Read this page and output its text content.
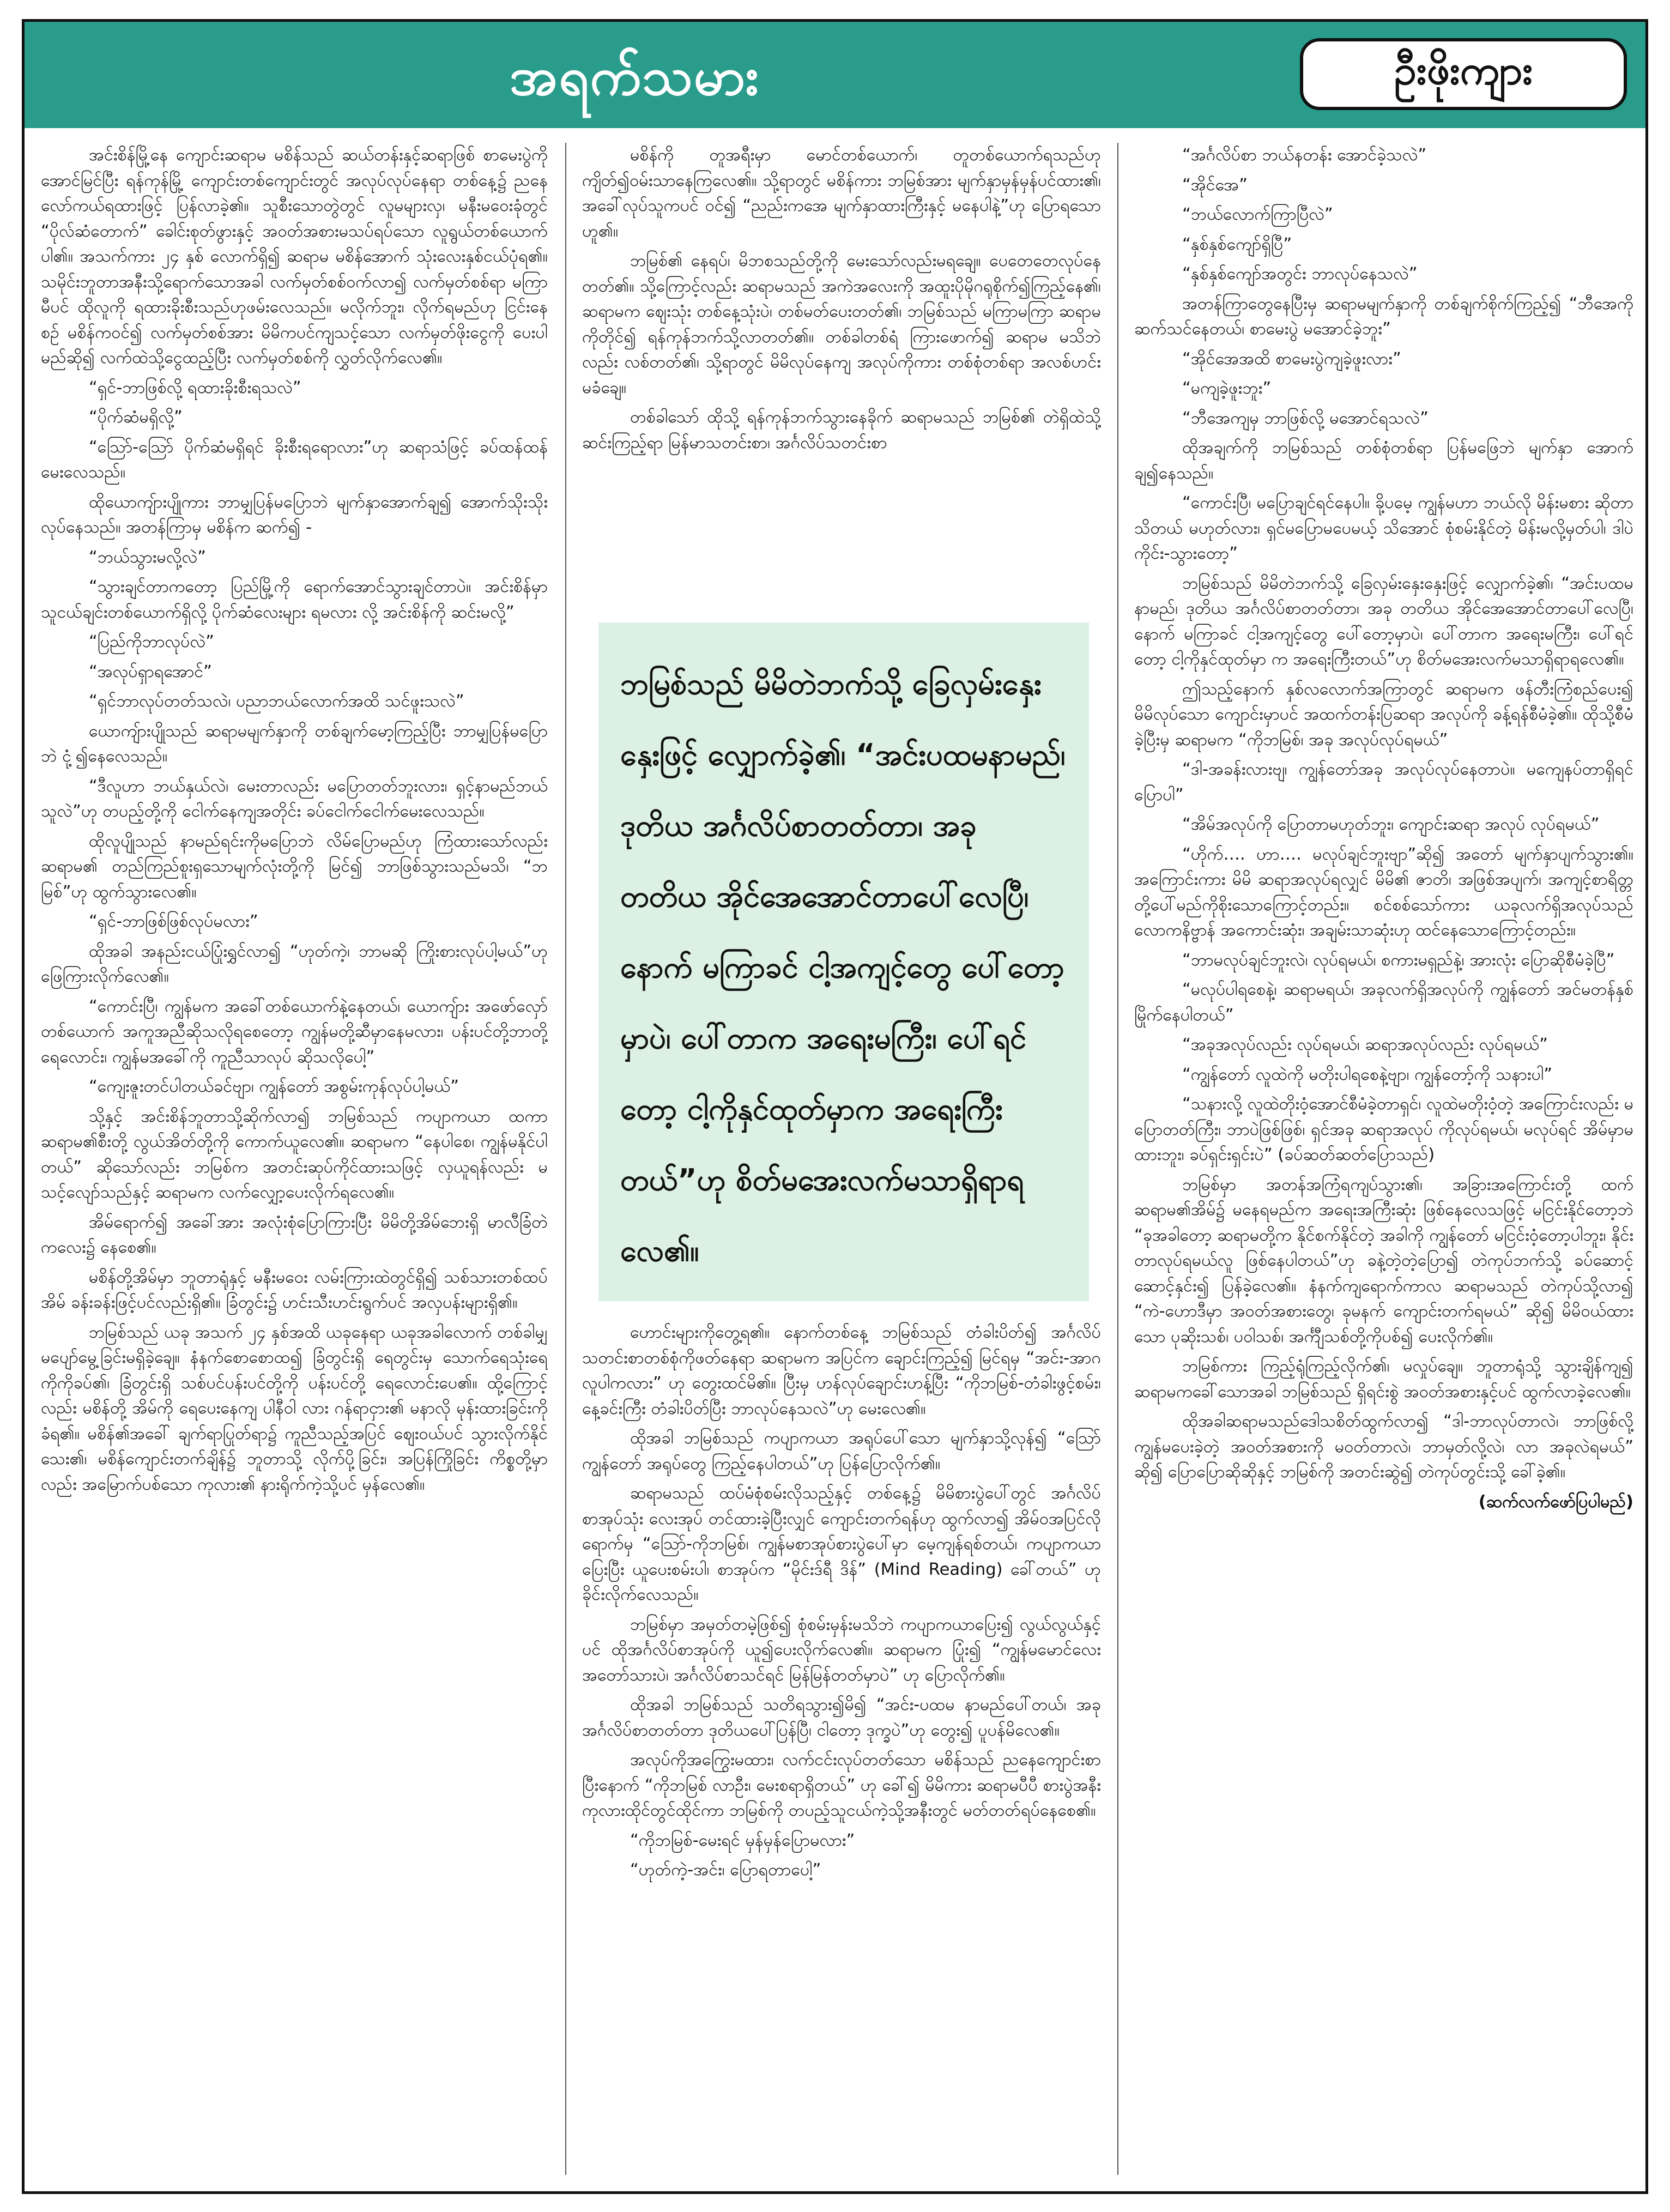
အရက်သမား	ဦးဖိုးကျား

အင်းစိန်မြို့နေ ကျောင်းဆရာမ မစိန်သည် ဆယ်တန်းနှင့်ဆရာဖြစ် စာမေးပွဲကိုအောင်မြင်ပြီး ရန်ကုန်မြို့ ကျောင်းတစ်ကျောင်းတွင် အလုပ်လုပ်နေရာ တစ်နေ့၌ ညနေလော်ကယ်ရထားဖြင့် ပြန်လာခဲ့၏။ သူစီးသောတွဲတွင် လူမများလှ၊ မနီးမဝေးခုံတွင် “ပိုလ်ဆံတောက်” ခေါင်းစုတ်ဖွားနှင့် အဝတ်အစားမသပ်ရပ်သော လူရွယ်တစ်ယောက်ပါ၏။ အသက်ကား ၂၄ နှစ် လောက်ရှိ၍ ဆရာမ မစိန်အောက် သုံးလေးနှစ်ငယ်ပုံရ၏။ သမိုင်းဘူတာအနီးသို့ရောက်သောအခါ လက်မှတ်စစ်ဝက်လာ၍ လက်မှတ်စစ်ရာ မကြာမီပင် ထိုလူကို ရထားခိုးစီးသည်ဟုဖမ်းလေသည်။ မလိုက်ဘူး၊ လိုက်ရမည်ဟု ငြင်းနေစဉ် မစိန်ကဝင်၍ လက်မှတ်စစ်အား မိမိကပင်ကျသင့်သော လက်မှတ်ဖိုးငွေကို ပေးပါမည်ဆို၍ လက်ထဲသို့ငွေထည့်ပြီး လက်မှတ်စစ်ကို လွှတ်လိုက်လေ၏။

“ရှင်-ဘာဖြစ်လို့ ရထားခိုးစီးရသလဲ”

“ပိုက်ဆံမရှိလို့”

“ဩော်-ဩော် ပိုက်ဆံမရှိရင် ခိုးစီးရရောလား”ဟု ဆရာသံဖြင့် ခပ်ထန်ထန်မေးလေသည်။

ထိုယောကျ်ားပျိုကား ဘာမျှပြန်မပြောဘဲ မျက်နှာအောက်ချ၍ အောက်သိုးသိုးလုပ်နေသည်။ အတန်ကြာမှ မစိန်က ဆက်၍ -

“ဘယ်သွားမလို့လဲ”

“သွားချင်တာကတော့ ပြည်မြို့ကို ရောက်အောင်သွားချင်တာပဲ။ အင်းစိန်မှာ သူငယ်ချင်းတစ်ယောက်ရှိလို့ ပိုက်ဆံလေးများ ရမလား လို့ အင်းစိန်ကို ဆင်းမလို့”

“ပြည်ကိုဘာလုပ်လဲ”

“အလုပ်ရှာရအောင်”

“ရှင်ဘာလုပ်တတ်သလဲ၊ ပညာဘယ်လောက်အထိ သင်ဖူးသလဲ”

ယောကျ်ားပျိုသည် ဆရာမမျက်နှာကို တစ်ချက်မော့ကြည့်ပြီး ဘာမျှပြန်မပြောဘဲ ငုံ့၍နေလေသည်။

“ဒီလူဟာ ဘယ်နှယ်လဲ၊ မေးတာလည်း မပြောတတ်ဘူးလား၊ ရှင့်နာမည်ဘယ်သူလဲ”ဟု တပည့်တို့ကို ငေါက်နေကျအတိုင်း ခပ်ငေါက်ငေါက်မေးလေသည်။

ထိုလူပျိုသည် နာမည်ရင်းကိုမပြောဘဲ လိမ်ပြောမည်ဟု ကြံထားသော်လည်း ဆရာမ၏ တည်ကြည်စူးရှသောမျက်လုံးတို့ကို မြင်၍ ဘာဖြစ်သွားသည်မသိ၊ “ဘမြစ်”ဟု ထွက်သွားလေ၏။

“ရှင်-ဘာဖြစ်ဖြစ်လုပ်မလား”

ထိုအခါ အနည်းငယ်ပြုံးရွှင်လာ၍ “ဟုတ်ကဲ့၊ ဘာမဆို ကြိုးစားလုပ်ပါ့မယ်”ဟု ဖြေကြားလိုက်လေ၏။

“ကောင်းပြီ၊ ကျွန်မက အခေါ်တစ်ယောက်နဲ့နေတယ်၊ ယောကျ်ား အဖော်လှော်တစ်ယောက် အကူအညီဆိုသလိုရစေတော့ ကျွန်မတို့ဆီမှာနေမလား၊ ပန်းပင်တို့ဘာတို့ရေလောင်း၊ ကျွန်မအခေါ်ကို ကူညီသာလုပ် ဆိုသလိုပေါ့”

“ကျေးဇူးတင်ပါတယ်ခင်ဗျာ၊ ကျွန်တော် အစွမ်းကုန်လုပ်ပါ့မယ်”

သို့နှင့် အင်းစိန်ဘူတာသို့ဆိုက်လာ၍ ဘမြစ်သည် ကပျာကယာ ထကာ ဆရာမ၏စီးတို့ လွယ်အိတ်တို့ကို ကောက်ယူလေ၏။ ဆရာမက “နေပါစေ၊ ကျွန်မနိုင်ပါတယ်” ဆိုသော်လည်း ဘမြစ်က အတင်းဆုပ်ကိုင်ထားသဖြင့် လှယူရန်လည်း မသင့်လျော်သည်နှင့် ဆရာမက လက်လျှော့ပေးလိုက်ရလေ၏။

အိမ်ရောက်၍ အခေါ်အား အလုံးစုံပြောကြားပြီး မိမိတို့အိမ်ဘေးရှိ မာလီခြံတဲကလေး၌ နေစေ၏။

မစိန်တို့အိမ်မှာ ဘူတာရုံနှင့် မနီးမဝေး လမ်းကြားထဲတွင်ရှိ၍ သစ်သားတစ်ထပ်အိမ် ခန်းခန်းဖြင့်ပင်လည်းရှိ၏။ ခြံတွင်း၌ ဟင်းသီးဟင်းရွက်ပင် အလှပန်းများရှိ၏။

ဘမြစ်သည် ယခု အသက် ၂၄ နှစ်အထိ ယခုနေရာ ယခုအခါလောက် တစ်ခါမျှမပျော်မွေ့ခြင်းမရှိခဲ့ချေ။ နံနက်စောစောထ၍ ခြံတွင်းရှိ ရေတွင်းမှ သောက်ရေသုံးရေကိုကိုခပ်၏၊ ခြံတွင်းရှိ သစ်ပင်ပန်းပင်တို့ကို ပန်းပင်တို့ ရေလောင်းပေ၏။ ထို့ကြောင့်လည်း မစိန်တို့ အိမ်ကို ရေပေးနေကျ ပါနီဝါ လား ဂန်ရာငှား၏ မနာလို မုန်းထားခြင်းကိုခံရ၏။ မစိန်၏အခေါ် ချက်ရာပြုတ်ရာ၌ ကူညီသည့်အပြင် ဈေးဝယ်ပင် သွားလိုက်နိုင်သေး၏၊ မစိန်ကျောင်းတက်ချိန်၌ ဘူတာသို့ လိုက်ပို့ခြင်း၊ အပြန်ကြိုခြင်း ကိစ္စတို့မှာလည်း အမြောက်ပစ်သော ကုလား၏ နားရိုက်ကဲ့သို့ပင် မှန်လေ၏။

မစိန်ကို တူအရီးမှာ မောင်တစ်ယောက်၊ တူတစ်ယောက်ရသည်ဟု ကျိတ်၍ဝမ်းသာနေကြလေ၏။ သို့ရာတွင် မစိန်ကား ဘမြစ်အား မျက်နှာမှန်မှန်ပင်ထား၏၊ အခေါ်လုပ်သူကပင် ဝင်၍ “ညည်းကအေ မျက်နှာထားကြီးနှင့် မနေပါနဲ့”ဟု ပြောရသောဟူ၏။

ဘမြစ်၏ နေရပ်၊ မိဘစသည်တို့ကို မေးသော်လည်းမရချေ။ ပေတေတေလုပ်နေတတ်၏။ သို့ကြောင့်လည်း ဆရာမသည် အကဲအလေးကို အထူးပိုမိုဂရုစိုက်၍ကြည့်နေ၏၊ ဆရာမက ဈေးသုံး တစ်နေ့သုံးပဲ၊ တစ်မတ်ပေးတတ်၏၊ ဘမြစ်သည် မကြာမကြာ ဆရာမကိုတိုင်၍ ရန်ကုန်ဘက်သို့လာတတ်၏။ တစ်ခါတစ်ရံ ကြားဖောက်၍ ဆရာမ မသိဘဲလည်း လစ်တတ်၏၊ သို့ရာတွင် မိမိလုပ်နေကျ အလုပ်ကိုကား တစ်စုံတစ်ရာ အလစ်ဟင်းမခံချေ။

တစ်ခါသော် ထိုသို့ ရန်ကုန်ဘက်သွားနေခိုက် ဆရာမသည် ဘမြစ်၏ တဲရှိထဲသို့ ဆင်းကြည့်ရာ မြန်မာသတင်းစာ၊ အင်္ဂလိပ်သတင်းစာ

ဘမြစ်သည် မိမိတဲဘက်သို့ ခြေလှမ်းနှေးနှေးဖြင့် လျှောက်ခဲ့၏၊ “အင်းပထမနာမည်၊ ဒုတိယ အင်္ဂလိပ်စာတတ်တာ၊ အခု တတိယ အိုင်အေအောင်တာပေါ်လေပြီ၊ နောက် မကြာခင် ငါ့အကျင့်တွေ ပေါ်တော့မှာပဲ၊ ပေါ်တာက အရေးမကြီး၊ ပေါ်ရင်တော့ ငါ့ကိုနှင်ထုတ်မှာက အရေးကြီးတယ်”ဟု စိတ်မအေးလက်မသာရှိရာရလေ၏။

ဟောင်းများကိုတွေ့ရ၏။ နောက်တစ်နေ့ ဘမြစ်သည် တံခါးပိတ်၍ အင်္ဂလိပ်သတင်းစာတစ်စုံကိုဖတ်နေရာ ဆရာမက အပြင်က ချောင်းကြည့်၍ မြင်ရမှ “အင်း-အာဂလူပါကလား” ဟု တွေးထင်မိ၏။ ပြီးမှ ဟန်လုပ်ချောင်းဟန့်ပြီး “ကိုဘမြစ်-တံခါးဖွင့်စမ်း၊ နေ့ခင်းကြီး တံခါးပိတ်ပြီး ဘာလုပ်နေသလဲ”ဟု မေးလေ၏။

ထိုအခါ ဘမြစ်သည် ကပျာကယာ အရုပ်ပေါ်သော မျက်နှာသို့လုန်၍ “ဩော် ကျွန်တော် အရုပ်တွေ ကြည့်နေပါတယ်”ဟု ပြန်ပြောလိုက်၏။

ဆရာမသည် ထပ်မံစုံစမ်းလိုသည့်နှင့် တစ်နေ့၌ မိမိစားပွဲပေါ်တွင် အင်္ဂလိပ်စာအုပ်သုံး လေးအုပ် တင်ထားခဲ့ပြီးလျှင် ကျောင်းတက်ရန်ဟု ထွက်လာ၍ အိမ်ဝအပြင်လိုရောက်မှ “ဩော်-ကိုဘမြစ်၊ ကျွန်မစာအုပ်စားပွဲပေါ်မှာ မေ့ကျန်ရစ်တယ်၊ ကပျာကယာပြေးပြီး ယူပေးစမ်းပါ၊ စာအုပ်က “မိုင်းဒ်ရီ ဒိန်” (Mind Reading) ခေါ်တယ်” ဟု ခိုင်းလိုက်လေသည်။

ဘမြစ်မှာ အမှတ်တမဲ့ဖြစ်၍ စုံစမ်းမှန်းမသိဘဲ ကပျာကယာပြေး၍ လွယ်လွယ်နှင့်ပင် ထိုအင်္ဂလိပ်စာအုပ်ကို ယူ၍ပေးလိုက်လေ၏။ ဆရာမက ပြုံး၍ “ကျွန်မမောင်လေး အတော်သားပဲ၊ အင်္ဂလိပ်စာသင်ရင် မြန်မြန်တတ်မှာပဲ” ဟု ပြောလိုက်၏။

ထိုအခါ ဘမြစ်သည် သတိရသွား၍မိ၍ “အင်း-ပထမ နာမည်ပေါ်တယ်၊ အခု အင်္ဂလိပ်စာတတ်တာ ဒုတိယပေါ်ပြန်ပြီ၊ ငါတော့ ဒုက္ခပဲ”ဟု တွေး၍ ပူပန်မိလေ၏။

အလုပ်ကိုအကြွေးမထား၊ လက်ငင်းလုပ်တတ်သော မစိန်သည် ညနေကျောင်းစာပြီးနောက် “ကိုဘမြစ် လာဦး၊ မေးစရာရှိတယ်” ဟု ခေါ်၍ မိမိကား ဆရာမပီပီ စားပွဲအနီးကုလားထိုင်တွင်ထိုင်ကာ ဘမြစ်ကို တပည့်သူငယ်ကဲ့သို့အနီးတွင် မတ်တတ်ရပ်နေစေ၏။

“ကိုဘမြစ်-မေးရင် မှန်မှန်ပြောမလား”

“ဟုတ်ကဲ့-အင်း၊ ပြောရတာပေါ့”

“အင်္ဂလိပ်စာ ဘယ်နတန်း အောင်ခဲ့သလဲ”

“အိုင်အေ”

“ဘယ်လောက်ကြာပြီလဲ”

“နှစ်နှစ်ကျော်ရှိပြီ”

“နှစ်နှစ်ကျော်အတွင်း ဘာလုပ်နေသလဲ”

အတန်ကြာတွေနေပြီးမှ ဆရာမမျက်နှာကို တစ်ချက်စိုက်ကြည့်၍ “ဘီအေကိုဆက်သင်နေတယ်၊ စာမေးပွဲ မအောင်ခဲ့ဘူး”

“အိုင်အေအထိ စာမေးပွဲကျခဲ့ဖူးလား”

“မကျခဲ့ဖူးဘူး”

“ဘီအေကျမှ ဘာဖြစ်လို့ မအောင်ရသလဲ”

ထိုအချက်ကို ဘမြစ်သည် တစ်စုံတစ်ရာ ပြန်မဖြေဘဲ မျက်နှာ အောက်ချ၍နေသည်။

“ကောင်းပြီ၊ မပြောချင်ရင်နေပါ။ ခို့ပမေ့ ကျွန်မဟာ ဘယ်လို မိန်းမစား ဆိုတာသိတယ် မဟုတ်လား၊ ရှင်မပြောမပေမယ့် သိအောင် စုံစမ်းနိုင်တဲ့ မိန်းမလို့မှတ်ပါ၊ ဒါပဲ ကိုင်း-သွားတော့”

ဘမြစ်သည် မိမိတဲဘက်သို့ ခြေလှမ်းနှေးနှေးဖြင့် လျှောက်ခဲ့၏၊ “အင်းပထမနာမည်၊ ဒုတိယ အင်္ဂလိပ်စာတတ်တာ၊ အခု တတိယ အိုင်အေအောင်တာပေါ်လေပြီ၊ နောက် မကြာခင် ငါ့အကျင့်တွေ ပေါ်တော့မှာပဲ၊ ပေါ်တာက အရေးမကြီး၊ ပေါ်ရင်တော့ ငါ့ကိုနှင်ထုတ်မှာ က အရေးကြီးတယ်”ဟု စိတ်မအေးလက်မသာရှိရာရလေ၏။

ဤသည့်နောက် နှစ်လလောက်အကြာတွင် ဆရာမက ဖန်တီးကြံစည်ပေး၍ မိမိလုပ်သော ကျောင်းမှာပင် အထက်တန်းပြဆရာ အလုပ်ကို ခန့်ရန်စီမံခဲ့၏။ ထိုသို့စီမံခဲ့ပြီးမှ ဆရာမက “ကိုဘမြစ်၊ အခု အလုပ်လုပ်ရမယ်”

“ဒါ-အခန်းလားဗျ၊ ကျွန်တော်အခု အလုပ်လုပ်နေတာပဲ။ မကျေနပ်တာရှိရင်ပြောပါ”

“အိမ်အလုပ်ကို ပြောတာမဟုတ်ဘူး၊ ကျောင်းဆရာ အလုပ် လုပ်ရမယ်”

“ဟိုက်…. ဟာ…. မလုပ်ချင်ဘူးဗျာ”ဆို၍ အတော် မျက်နှာပျက်သွား၏။ အကြောင်းကား မိမိ ဆရာအလုပ်ရလျှင် မိမိ၏ ဇာတိ၊ အဖြစ်အပျက်၊ အကျင့်စာရိတ္တတို့ပေါ်မည်ကိုစိုးသောကြောင့်တည်း။ စင်စစ်သော်ကား ယခုလက်ရှိအလုပ်သည် လောကနိဗ္ဗာန် အကောင်းဆုံး၊ အချမ်းသာဆုံးဟု ထင်နေသောကြောင့်တည်း။

“ဘာမလုပ်ချင်ဘူးလဲ၊ လုပ်ရမယ်၊ စကားမရှည်နဲ့၊ အားလုံး ပြောဆိုစီမံခဲ့ပြီ”

“မလုပ်ပါရစေနဲ့၊ ဆရာမရယ်၊ အခုလက်ရှိအလုပ်ကို ကျွန်တော် အင်မတန်နှစ်မြိုက်နေပါတယ်”

“အခုအလုပ်လည်း လုပ်ရမယ်၊ ဆရာအလုပ်လည်း လုပ်ရမယ်”

“ကျွန်တော် လူထဲကို မတိုးပါရစေနဲ့ဗျာ၊ ကျွန်တော့်ကို သနားပါ”

“သနားလို့ လူထဲတိုးဝံ့အောင်စီမံခဲ့တာရှင်၊ လူထဲမတိုးဝံ့တဲ့ အကြောင်းလည်း မပြောတတ်ကြီး၊ ဘာပဲဖြစ်ဖြစ်၊ ရှင်အခု ဆရာအလုပ် ကိုလုပ်ရမယ်၊ မလုပ်ရင် အိမ်မှာမထားဘူး၊ ခပ်ရှင်းရှင်းပဲ” (ခပ်ဆတ်ဆတ်ပြောသည်)

ဘမြစ်မှာ အတန်အကြံရကျပ်သွား၏၊ အခြားအကြောင်းတို့ ထက် ဆရာမ၏အိမ်၌ မနေရမည်က အရေးအကြီးဆုံး ဖြစ်နေလေသဖြင့် မငြင်းနိုင်တော့ဘဲ “ခုအခါတော့ ဆရာမတို့က နိုင်စက်နိုင်တဲ့ အခါကို ကျွန်တော် မငြင်းဝံ့တော့ပါဘူး၊ နိုင်းတာလုပ်ရမယ်လူ ဖြစ်နေပါတယ်”ဟု ခနဲ့တဲ့တဲ့ပြော၍ တဲကုပ်ဘက်သို့ ခပ်ဆောင့်ဆောင့်နှင်း၍ ပြန်ခဲ့လေ၏။ နံနက်ကျရောက်ကာလ ဆရာမသည် တဲကုပ်သို့လာ၍ “ကဲ-ဟောဒီမှာ အဝတ်အစားတွေ၊ ခုမနက် ကျောင်းတက်ရမယ်” ဆို၍ မိမိဝယ်ထားသော ပုဆိုးသစ်၊ ပဝါသစ်၊ အင်္ကျီသစ်တို့ကိုပစ်၍ ပေးလိုက်၏။

ဘမြစ်ကား ကြည့်ရုံကြည့်လိုက်၏၊ မလှုပ်ချေ။ ဘူတာရုံသို့ သွားချိန်ကျ၍ ဆရာမကခေါ်သောအခါ ဘမြစ်သည် ရှိရင်းစွဲ အဝတ်အစားနှင့်ပင် ထွက်လာခဲ့လေ၏။

ထိုအခါဆရာမသည်ဒေါသစိတ်ထွက်လာ၍ “ဒါ-ဘာလုပ်တာလဲ၊ ဘာဖြစ်လို့ ကျွန်မပေးခဲ့တဲ့ အဝတ်အစားကို မဝတ်တာလဲ၊ ဘာမှတ်လို့လဲ၊ လာ အခုလဲရမယ်” ဆို၍ ပြောပြောဆိုဆိုနှင့် ဘမြစ်ကို အတင်းဆွဲ၍ တဲကုပ်တွင်းသို့ ခေါ်ခဲ့၏။

(ဆက်လက်ဖော်ပြပါမည်)
